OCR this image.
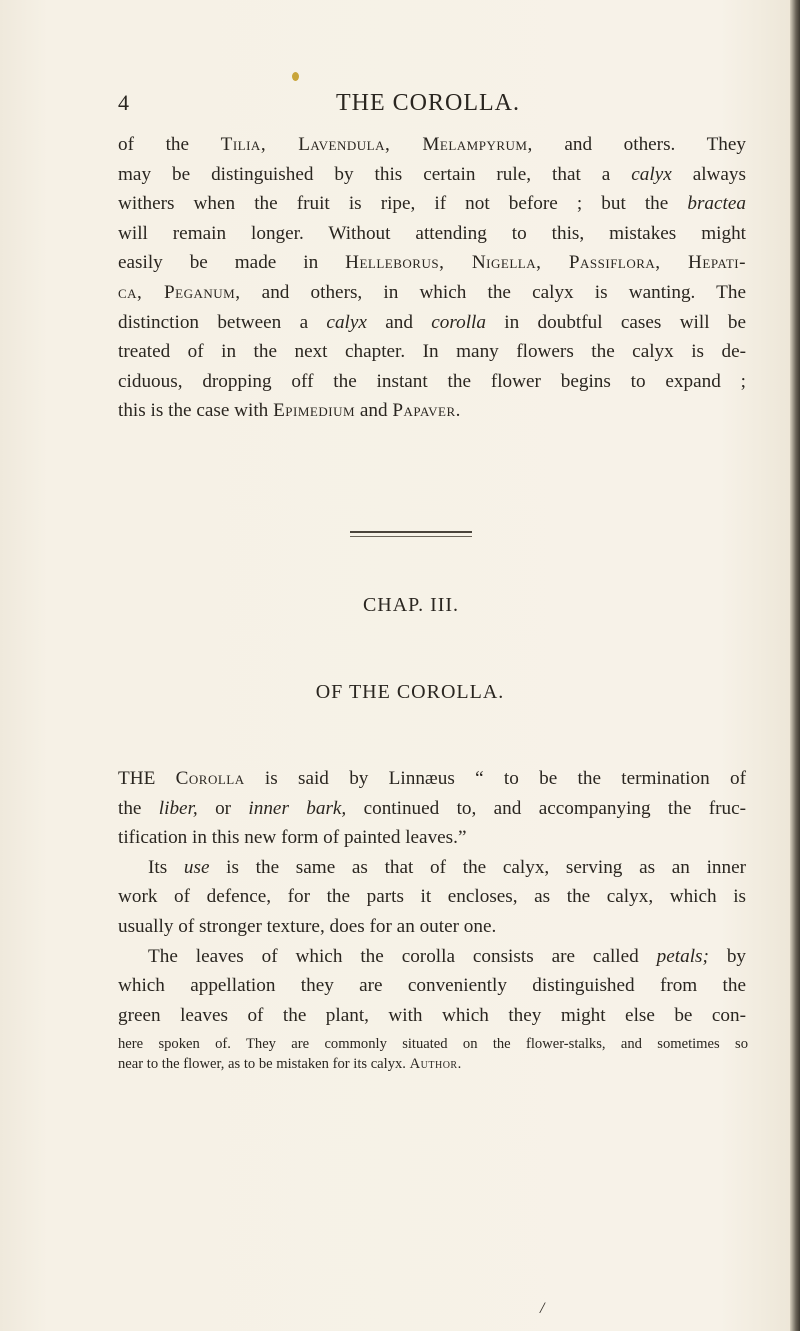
4	THE COROLLA.
of the Tilia, Lavendula, Melampyrum, and others. They
may be distinguished by this certain rule, that a calyx always
withers when the fruit is ripe, if not before ; but the bractea
will remain longer. Without attending to this, mistakes might
easily be made in Helleborus, Nigella, Passiflora, Hepati-
ca, Peganum, and others, in which the calyx is wanting. The
distinction between a calyx and corolla in doubtful cases will be
treated of in the next chapter. In many flowers the calyx is de-
ciduous, dropping off the instant the flower begins to expand ;
this is the case with Epimedium and Papaver.
CHAP. III.
OF THE COROLLA.
THE Corolla is said by Linnæus “ to be the termination of
the liber, or inner bark, continued to, and accompanying the fruc-
tification in this new form of painted leaves.”
Its use is the same as that of the calyx, serving as an inner
work of defence, for the parts it encloses, as the calyx, which is
usually of stronger texture, does for an outer one.
The leaves of which the corolla consists are called petals; by
which appellation they are conveniently distinguished from the
green leaves of the plant, with which they might else be con-
here spoken of. They are commonly situated on the flower-stalks, and sometimes so
near to the flower, as to be mistaken for its calyx. Author.
/
